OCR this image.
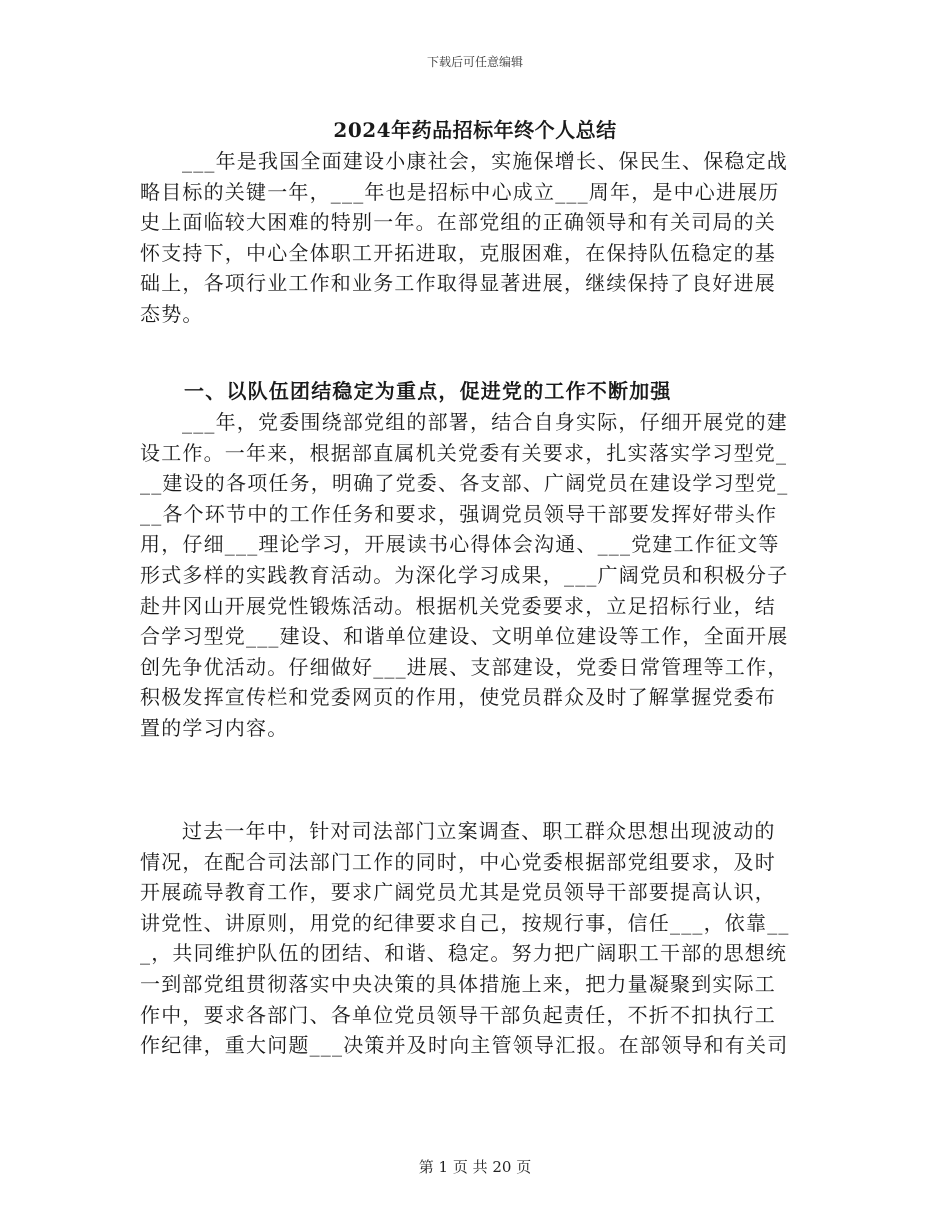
下载后可任意编辑
2024年药品招标年终个人总结
___年是我国全面建设小康社会，实施保增长、保民生、保稳定战
略目标的关键一年，___年也是招标中心成立___周年，是中心进展历
史上面临较大困难的特别一年。在部党组的正确领导和有关司局的关
怀支持下，中心全体职工开拓进取，克服困难，在保持队伍稳定的基
础上，各项行业工作和业务工作取得显著进展，继续保持了良好进展
态势。
一、以队伍团结稳定为重点，促进党的工作不断加强
___年，党委围绕部党组的部署，结合自身实际，仔细开展党的建
设工作。一年来，根据部直属机关党委有关要求，扎实落实学习型党_
__建设的各项任务，明确了党委、各支部、广阔党员在建设学习型党_
__各个环节中的工作任务和要求，强调党员领导干部要发挥好带头作
用，仔细___理论学习，开展读书心得体会沟通、___党建工作征文等
形式多样的实践教育活动。为深化学习成果，___广阔党员和积极分子
赴井冈山开展党性锻炼活动。根据机关党委要求，立足招标行业，结
合学习型党___建设、和谐单位建设、文明单位建设等工作，全面开展
创先争优活动。仔细做好___进展、支部建设，党委日常管理等工作，
积极发挥宣传栏和党委网页的作用，使党员群众及时了解掌握党委布
置的学习内容。
过去一年中，针对司法部门立案调查、职工群众思想出现波动的
情况，在配合司法部门工作的同时，中心党委根据部党组要求，及时
开展疏导教育工作，要求广阔党员尤其是党员领导干部要提高认识，
讲党性、讲原则，用党的纪律要求自己，按规行事，信任___，依靠__
_，共同维护队伍的团结、和谐、稳定。努力把广阔职工干部的思想统
一到部党组贯彻落实中央决策的具体措施上来，把力量凝聚到实际工
作中，要求各部门、各单位党员领导干部负起责任，不折不扣执行工
作纪律，重大问题___决策并及时向主管领导汇报。在部领导和有关司
第 1 页 共 20 页
